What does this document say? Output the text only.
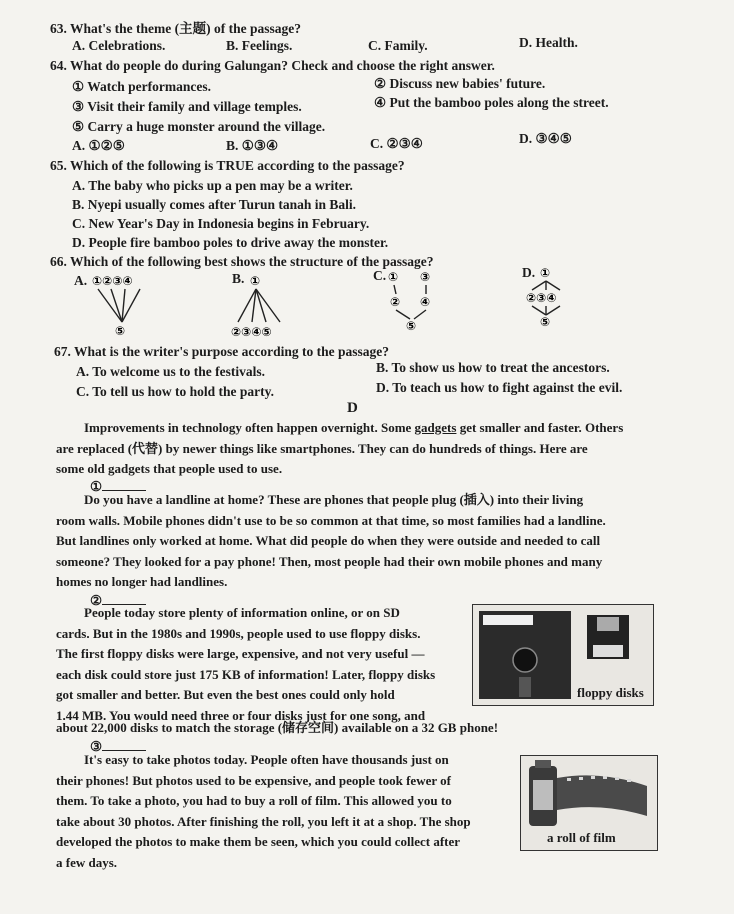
63. What's the theme (主题) of the passage?
A. Celebrations.	B. Feelings.	C. Family.	D. Health.
64. What do people do during Galungan? Check and choose the right answer.
① Watch performances.	② Discuss new babies' future.
③ Visit their family and village temples.	④ Put the bamboo poles along the street.
⑤ Carry a huge monster around the village.
A. ①②⑤	B. ①③④	C. ②③④	D. ③④⑤
65. Which of the following is TRUE according to the passage?
A. The baby who picks up a pen may be a writer.
B. Nyepi usually comes after Turun tanah in Bali.
C. New Year's Day in Indonesia begins in February.
D. People fire bamboo poles to drive away the monster.
66. Which of the following best shows the structure of the passage?
A.	B.	C.	D.
①②③④
⑤
①
②③④⑤
① ③
② ④
⑤
①
②③④
⑤
67. What is the writer's purpose according to the passage?
A. To welcome us to the festivals.	B. To show us how to treat the ancestors.
C. To tell us how to hold the party.	D. To teach us how to fight against the evil.
D
Improvements in technology often happen overnight. Some gadgets get smaller and faster. Others
are replaced (代替) by newer things like smartphones. They can do hundreds of things. Here are
some old gadgets that people used to use.
①
Do you have a landline at home? These are phones that people plug (插入) into their living
room walls. Mobile phones didn't use to be so common at that time, so most families had a landline.
But landlines only worked at home. What did people do when they were outside and needed to call
someone? They looked for a pay phone! Then, most people had their own mobile phones and many
homes no longer had landlines.
②
People today store plenty of information online, or on SD
cards. But in the 1980s and 1990s, people used to use floppy disks.
The first floppy disks were large, expensive, and not very useful —
each disk could store just 175 KB of information! Later, floppy disks
got smaller and better. But even the best ones could only hold
1.44 MB. You would need three or four disks just for one song, and
about 22,000 disks to match the storage (储存空间) available on a 32 GB phone!
floppy disks
③
It's easy to take photos today. People often have thousands just on
their phones! But photos used to be expensive, and people took fewer of
them. To take a photo, you had to buy a roll of film. This allowed you to
take about 30 photos. After finishing the roll, you left it at a shop. The shop
developed the photos to make them be seen, which you could collect after
a few days.
a roll of film
